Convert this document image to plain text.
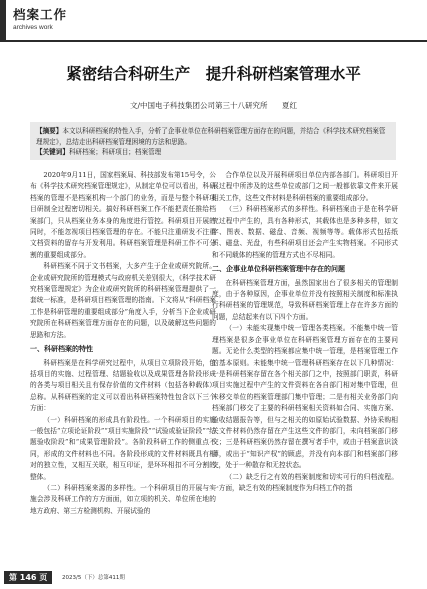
档案工作
archives work
紧密结合科研生产　提升科研档案管理水平
文/中国电子科技集团公司第三十八研究所 夏红
【摘要】本文以科研档案的特性入手，分析了企事业单位在科研档案管理方面存在的问题，并结合《科学技术研究档案管理规定》，总结走出科研档案管理困境的方法和思路。
【关键词】科研档案；科研项目；档案管理

2020年9月11日，国家档案局、科技部发布第15号令，公布《科学技术研究档案管理规定》，从制定单位可以看出，科研档案的管理不是档案机构一个部门的业务，而是与整个科研项目研制全过程密切相关。搞好科研档案工作不能把责任推给档案部门，只从档案业务本身的角度进行管控。科研项目开展的同时，不能忽视项目档案管理的存在。不能只注重研发不注重文档资料的留存与开发利用。科研档案管理是科研工作不可分割的重要组成部分。

科研档案不同于文书档案，大多产生于企业或研究院所。企业或研究院所的管理模式与政府机关差别很大，《科学技术研究档案管理规定》为企业或研究院所的科研档案管理提供了一套统一标准，是科研项目档案管理的指南。下文将从“科研档案工作是科研管理的重要组成部分”角度入手，分析当下企业或研究院所在科研档案管理方面存在的问题，以及破解这些问题的思路和方法。

一、科研档案的特性

科研档案是在科学研究过程中，从项目立项阶段开始，包括项目的实施、过程管理、结题验收以及成果管理各阶段形成的各类与项目相关且有保存价值的文件材料（包括各种载体）总称。从科研档案的定义可以看出科研档案特性包含以下三个方面：

（一）科研档案的形成具有阶段性。一个科研项目的实施一般包括“立项论证阶段”“项目实施阶段”“试验或验证阶段”“结题验收阶段”和“成果管理阶段”。各阶段科研工作的侧重点不同，形成的文件材料也不同。各阶段形成的文件材料既具有相对的独立性，又相互关联，相互印证，是环环相扣不可分割的整体。

（二）科研档案来源的多样性。一个科研项目的开展与实施会涉及科研工作的方方面面，如立项的机关、单位所在地的地方政府、第三方检测机构、开展试验的

合作单位以及开展科研项目单位内部各部门。科研项目开展过程中所涉及的这些单位或部门之间一般都依靠文件来开展相关工作，这些文件材料是科研档案的重要组成部分。

（三）科研档案形式的多样性。科研档案由于是在科学研究过程中产生的，具有各种形式，其载体也是多种多样，如文字、图表、数据、磁盘、音频、视频等等。载体形式包括纸质、磁盘、光盘，有些科研项目还会产生实物档案。不同形式和不同载体的档案的管理方式也不尽相同。

二、企事业单位科研档案管理中存在的问题

在科研档案管理方面，虽然国家出台了很多相关的管理制度，由于各种原因，企事业单位并没有按照相关制度和标准执行科研档案的管理规范，导致科研档案管理上存在许多方面的问题，总结起来有以下四个方面。

（一）未能实现集中统一管理各类档案。不能集中统一管理档案是很多企事业单位在科研档案管理方面存在的主要问题。无论什么类型的档案都应集中统一管理，是档案管理工作的基本原则。未能集中统一管理科研档案存在以下几种情况：一是科研档案存留在各个相关部门之中，按照部门职责，科研项目实施过程中产生的文件资料在各自部门相对集中管理，但未移交单位的档案管理部门集中管理；二是有相关业务部门向档案部门移交了主要的科研档案相关资料如合同、实施方案、验收结题报告等，但与之相关的如原始试验数据、外协采购相关文件材料仍然存留在产生这些文件的部门，未向档案部门移交；三是科研档案仍然存留在撰写者手中，或由于档案意识淡薄，或出于“知识产权”的顾虑，并没有向本部门和档案部门移交，处于一种散存和无控状态。

（二）缺乏行之有效的档案制度和切实可行的归档流程。一方面，缺乏有效的档案制度作为归档工作的指

第 146 页	2023/5（下）总第411期
